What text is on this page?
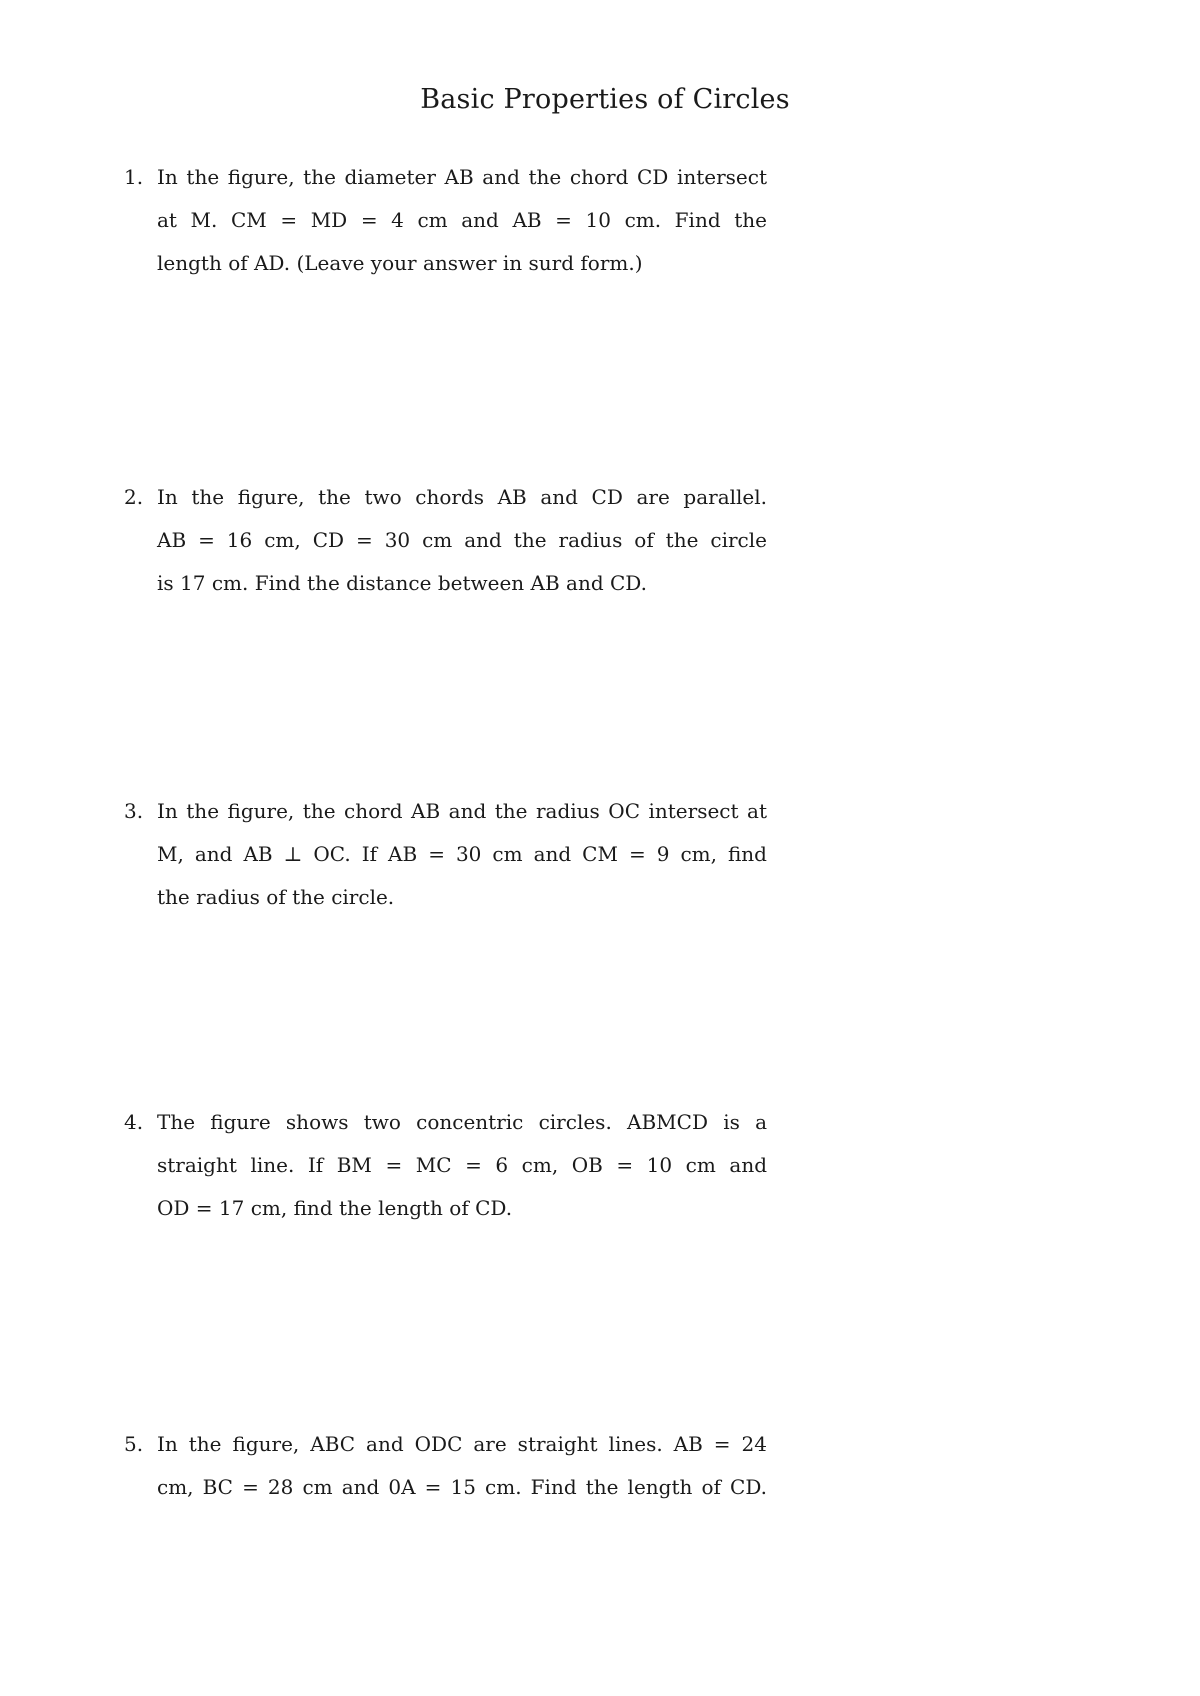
Basic Properties of Circles
1. In the figure, the diameter AB and the chord CD intersect
at M. CM = MD = 4 cm and AB = 10 cm. Find the
length of AD. (Leave your answer in surd form.)
2. In the figure, the two chords AB and CD are parallel.
AB = 16 cm, CD = 30 cm and the radius of the circle
is 17 cm. Find the distance between AB and CD.
3. In the figure, the chord AB and the radius OC intersect at
M, and AB ⊥ OC. If AB = 30 cm and CM = 9 cm, find
the radius of the circle.
4. The figure shows two concentric circles. ABMCD is a
straight line. If BM = MC = 6 cm, OB = 10 cm and
OD = 17 cm, find the length of CD.
5. In the figure, ABC and ODC are straight lines. AB = 24
cm, BC = 28 cm and 0A = 15 cm. Find the length of CD.
